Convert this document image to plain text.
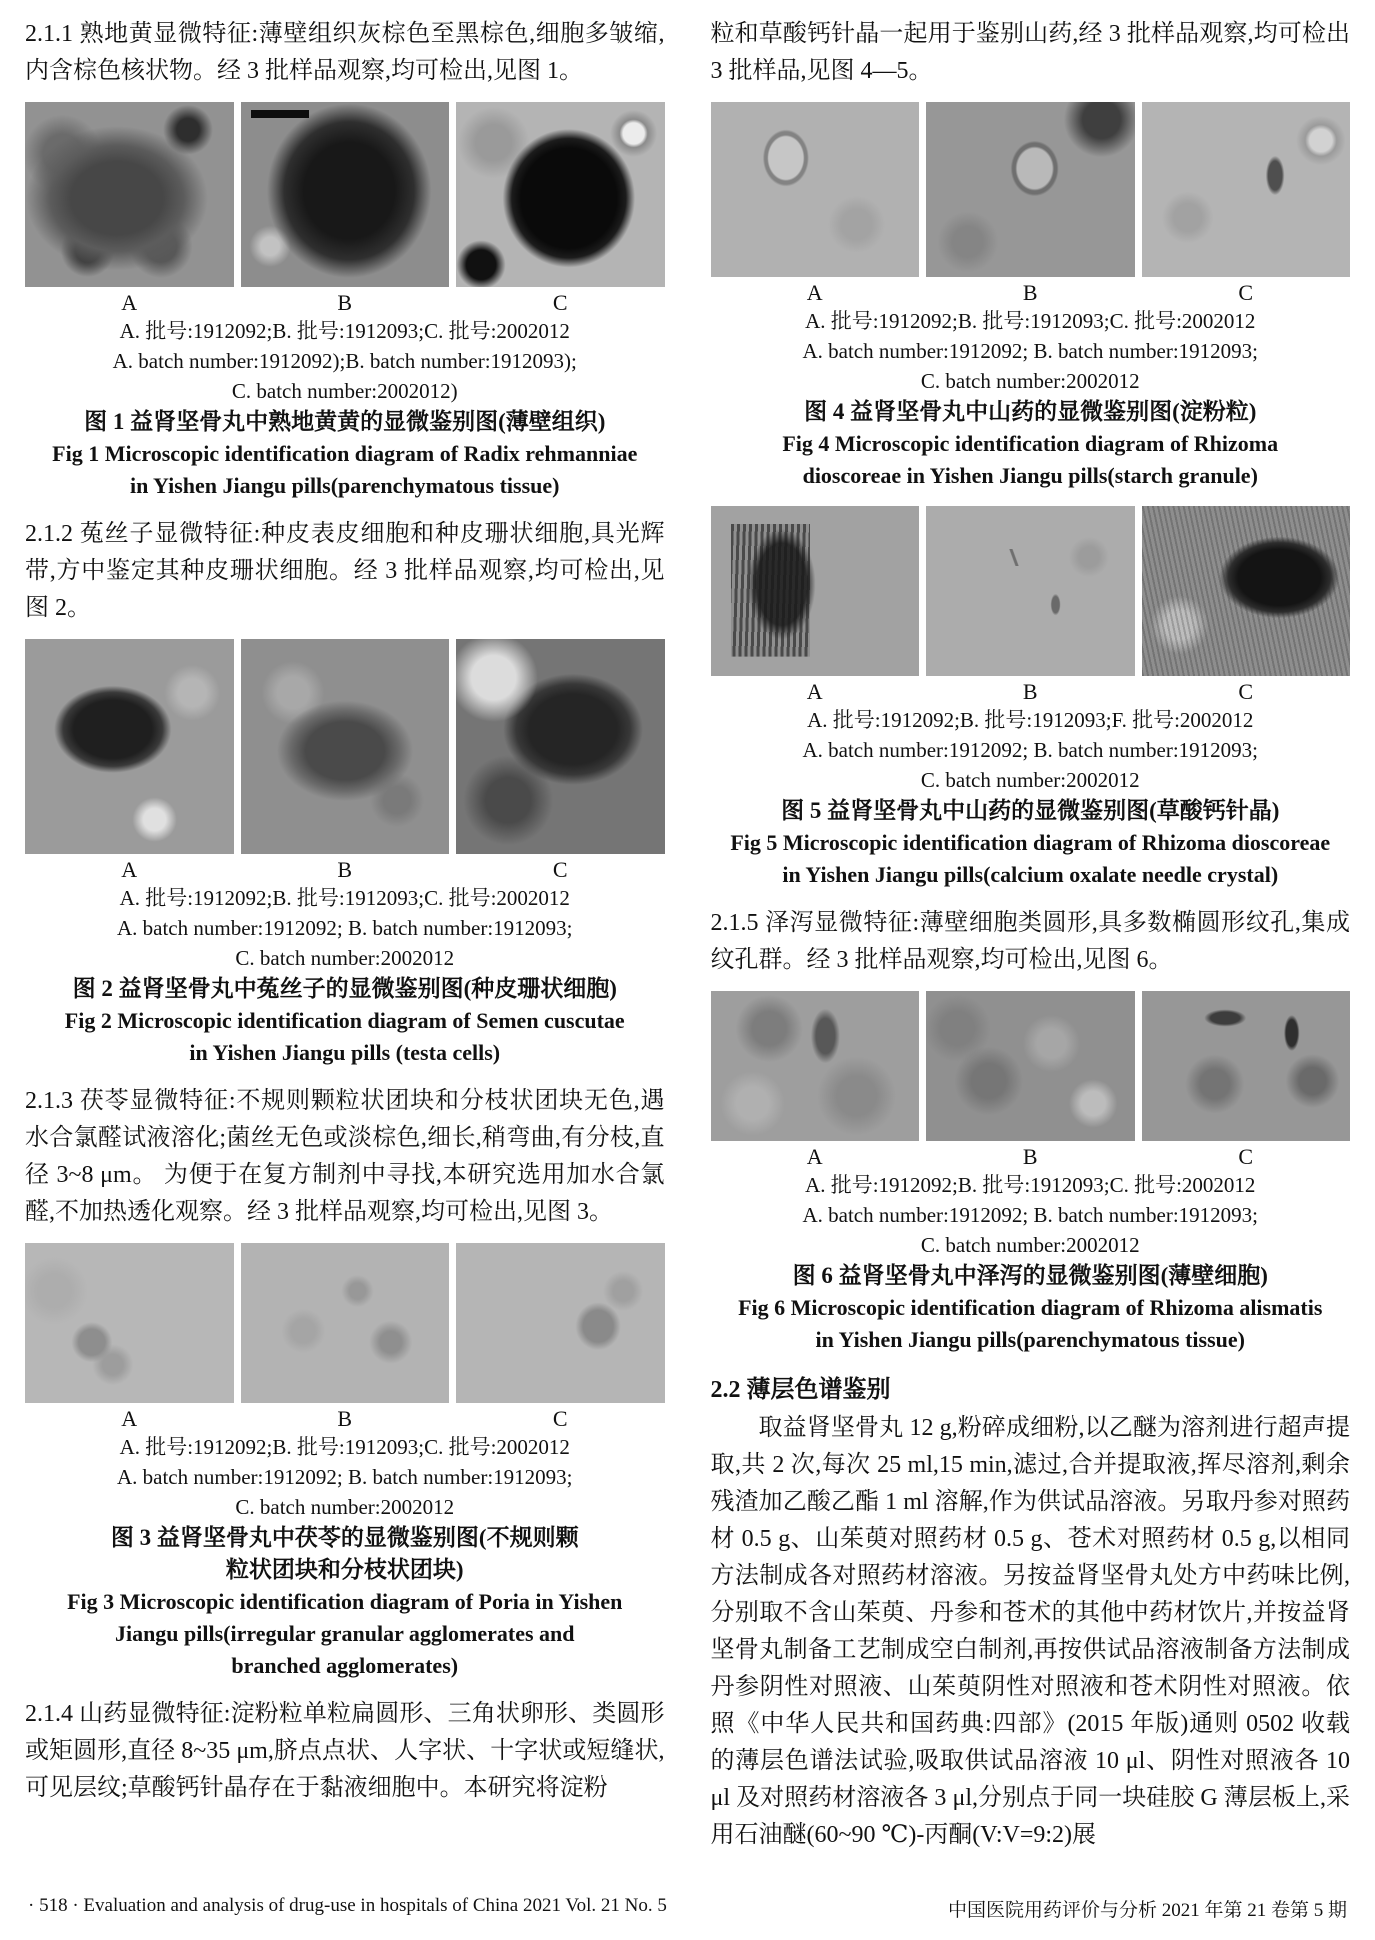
2.1.1 熟地黄显微特征:薄壁组织灰棕色至黑棕色,细胞多皱缩,内含棕色核状物。经 3 批样品观察,均可检出,见图 1。

A	B	C
A. 批号:1912092;B. 批号:1912093;C. 批号:2002012
A. batch number:1912092);B. batch number:1912093);
C. batch number:2002012)
图 1 益肾坚骨丸中熟地黄黄的显微鉴别图(薄壁组织)
Fig 1 Microscopic identification diagram of Radix rehmanniae
in Yishen Jiangu pills(parenchymatous tissue)

2.1.2 菟丝子显微特征:种皮表皮细胞和种皮珊状细胞,具光辉带,方中鉴定其种皮珊状细胞。经 3 批样品观察,均可检出,见图 2。

A	B	C
A. 批号:1912092;B. 批号:1912093;C. 批号:2002012
A. batch number:1912092; B. batch number:1912093;
C. batch number:2002012
图 2 益肾坚骨丸中菟丝子的显微鉴别图(种皮珊状细胞)
Fig 2 Microscopic identification diagram of Semen cuscutae
in Yishen Jiangu pills (testa cells)

2.1.3 茯苓显微特征:不规则颗粒状团块和分枝状团块无色,遇水合氯醛试液溶化;菌丝无色或淡棕色,细长,稍弯曲,有分枝,直径 3~8 μm。 为便于在复方制剂中寻找,本研究选用加水合氯醛,不加热透化观察。经 3 批样品观察,均可检出,见图 3。

A	B	C
A. 批号:1912092;B. 批号:1912093;C. 批号:2002012
A. batch number:1912092; B. batch number:1912093;
C. batch number:2002012
图 3 益肾坚骨丸中茯苓的显微鉴别图(不规则颗
粒状团块和分枝状团块)
Fig 3 Microscopic identification diagram of Poria in Yishen
Jiangu pills(irregular granular agglomerates and
branched agglomerates)

2.1.4 山药显微特征:淀粉粒单粒扁圆形、三角状卵形、类圆形或矩圆形,直径 8~35 μm,脐点点状、人字状、十字状或短缝状,可见层纹;草酸钙针晶存在于黏液细胞中。本研究将淀粉

粒和草酸钙针晶一起用于鉴别山药,经 3 批样品观察,均可检出 3 批样品,见图 4—5。

A	B	C
A. 批号:1912092;B. 批号:1912093;C. 批号:2002012
A. batch number:1912092; B. batch number:1912093;
C. batch number:2002012
图 4 益肾坚骨丸中山药的显微鉴别图(淀粉粒)
Fig 4 Microscopic identification diagram of Rhizoma
dioscoreae in Yishen Jiangu pills(starch granule)
A	B	C
A. 批号:1912092;B. 批号:1912093;F. 批号:2002012
A. batch number:1912092; B. batch number:1912093;
C. batch number:2002012
图 5 益肾坚骨丸中山药的显微鉴别图(草酸钙针晶)
Fig 5 Microscopic identification diagram of Rhizoma dioscoreae
in Yishen Jiangu pills(calcium oxalate needle crystal)

2.1.5 泽泻显微特征:薄壁细胞类圆形,具多数椭圆形纹孔,集成纹孔群。经 3 批样品观察,均可检出,见图 6。

A	B	C
A. 批号:1912092;B. 批号:1912093;C. 批号:2002012
A. batch number:1912092; B. batch number:1912093;
C. batch number:2002012
图 6 益肾坚骨丸中泽泻的显微鉴别图(薄壁细胞)
Fig 6 Microscopic identification diagram of Rhizoma alismatis
in Yishen Jiangu pills(parenchymatous tissue)
2.2 薄层色谱鉴别

取益肾坚骨丸 12 g,粉碎成细粉,以乙醚为溶剂进行超声提取,共 2 次,每次 25 ml,15 min,滤过,合并提取液,挥尽溶剂,剩余残渣加乙酸乙酯 1 ml 溶解,作为供试品溶液。另取丹参对照药材 0.5 g、山茱萸对照药材 0.5 g、苍术对照药材 0.5 g,以相同方法制成各对照药材溶液。另按益肾坚骨丸处方中药味比例,分别取不含山茱萸、丹参和苍术的其他中药材饮片,并按益肾坚骨丸制备工艺制成空白制剂,再按供试品溶液制备方法制成丹参阴性对照液、山茱萸阴性对照液和苍术阴性对照液。依照《中华人民共和国药典:四部》(2015 年版)通则 0502 收载的薄层色谱法试验,吸取供试品溶液 10 μl、阴性对照液各 10 μl 及对照药材溶液各 3 μl,分别点于同一块硅胶 G 薄层板上,采用石油醚(60~90 ℃)-丙酮(V:V=9:2)展

· 518 · Evaluation and analysis of drug-use in hospitals of China 2021 Vol. 21 No. 5	中国医院用药评价与分析 2021 年第 21 卷第 5 期
